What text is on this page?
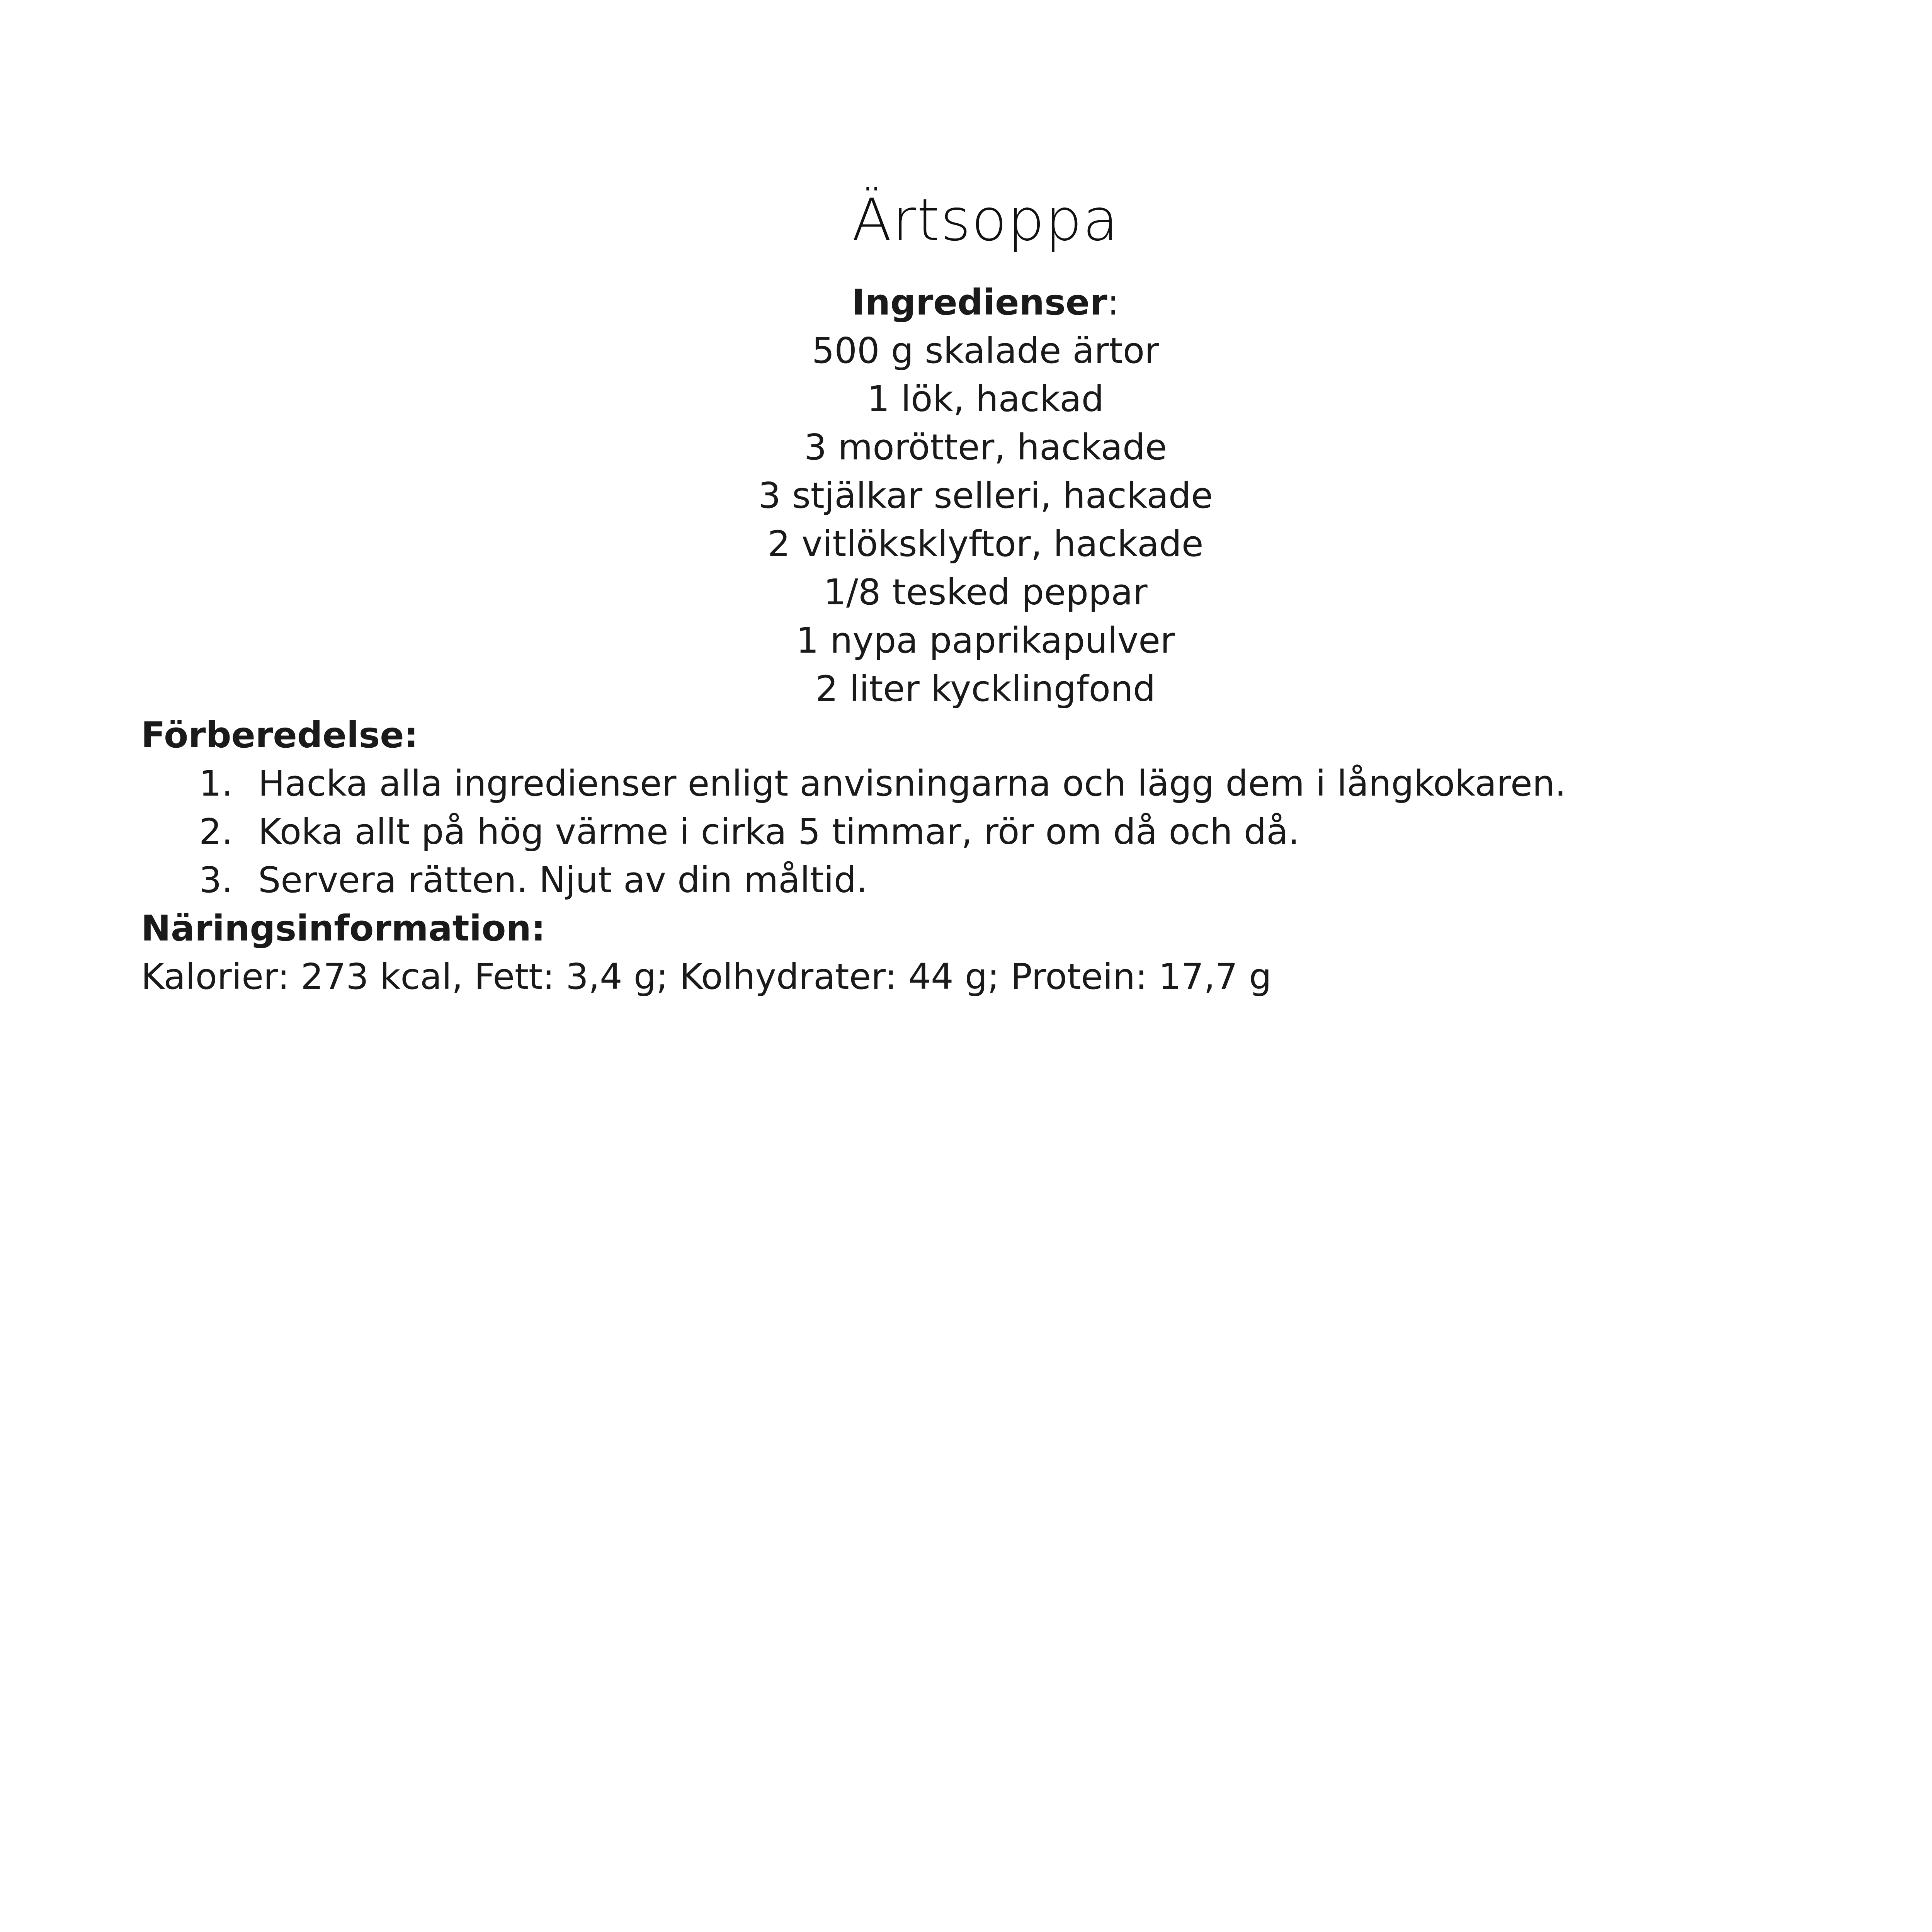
Ärtsoppa
Ingredienser:
500 g skalade ärtor
1 lök, hackad
3 morötter, hackade
3 stjälkar selleri, hackade
2 vitlöksklyftor, hackade
1/8 tesked peppar
1 nypa paprikapulver
2 liter kycklingfond
Förberedelse:
1. Hacka alla ingredienser enligt anvisningarna och lägg dem i långkokaren.
2. Koka allt på hög värme i cirka 5 timmar, rör om då och då.
3. Servera rätten. Njut av din måltid.
Näringsinformation:
Kalorier: 273 kcal, Fett: 3,4 g; Kolhydrater: 44 g; Protein: 17,7 g
